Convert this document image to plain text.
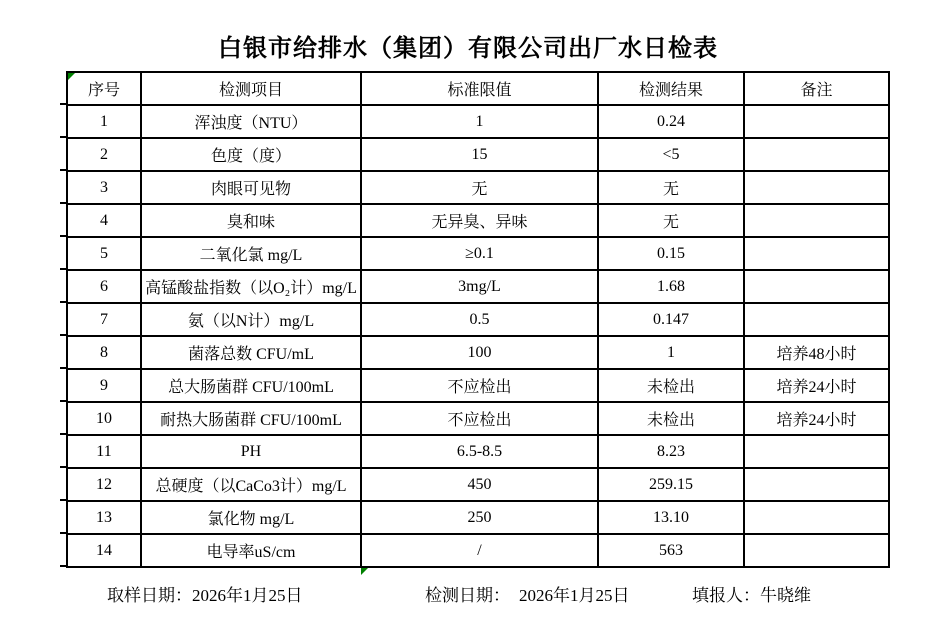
白银市给排水（集团）有限公司出厂水日检表
序号	检测项目	标准限值	检测结果	备注
1	浑浊度（NTU）	1	0.24	
2	色度（度）	15	<5	
3	肉眼可见物	无	无	
4	臭和味	无异臭、异味	无	
5	二氧化氯 mg/L	≥0.1	0.15	
6	高锰酸盐指数（以O₂计）mg/L	3mg/L	1.68	
7	氨（以N计）mg/L	0.5	0.147	
8	菌落总数 CFU/mL	100	1	培养48小时
9	总大肠菌群 CFU/100mL	不应检出	未检出	培养24小时
10	耐热大肠菌群 CFU/100mL	不应检出	未检出	培养24小时
11	PH	6.5-8.5	8.23	
12	总硬度（以CaCo3计）mg/L	450	259.15	
13	氯化物 mg/L	250	13.10	
14	电导率uS/cm	/	563	
取样日期：2026年1月25日	检测日期： 2026年1月25日	填报人：牛晓维
